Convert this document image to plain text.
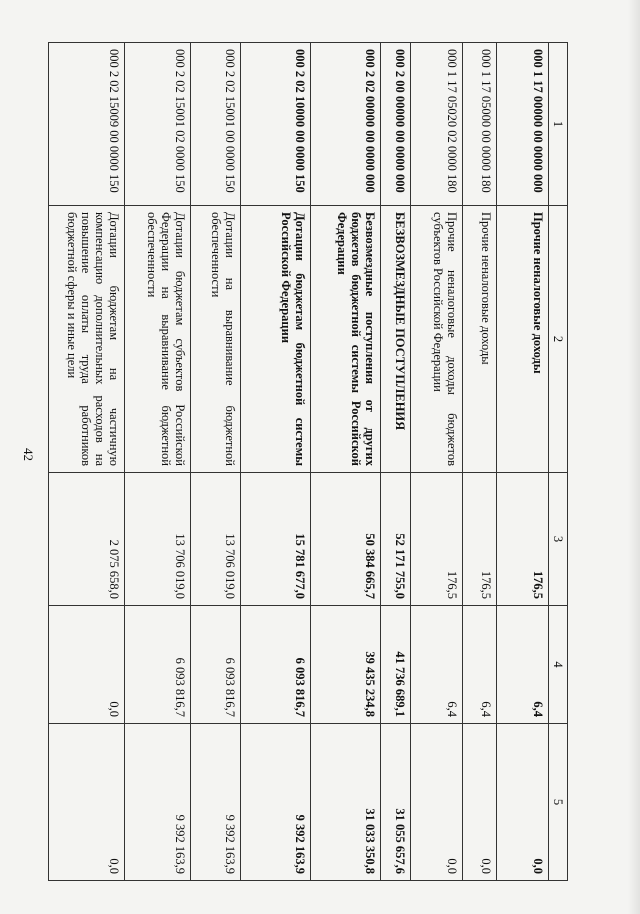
42
1	2	3	4	5
000 1 17 00000 00 0000 000	Прочие неналоговые доходы	176,5	6,4	0,0
000 1 17 05000 00 0000 180	Прочие неналоговые доходы	176,5	6,4	0,0
000 1 17 05020 02 0000 180	Прочие неналоговые доходы бюджетов субъектов Российской Федерации	176,5	6,4	0,0
000 2 00 00000 00 0000 000	БЕЗВОЗМЕЗДНЫЕ ПОСТУПЛЕНИЯ	52 171 755,0	41 736 689,1	31 055 657,6
000 2 02 00000 00 0000 000	Безвозмездные поступления от других бюджетов бюджетной системы Российской Федерации	50 384 665,7	39 435 234,8	31 033 350,8
000 2 02 10000 00 0000 150	Дотации бюджетам бюджетной системы Российской Федерации	15 781 677,0	6 093 816,7	9 392 163,9
000 2 02 15001 00 0000 150	Дотации на выравнивание бюджетной обеспеченности	13 706 019,0	6 093 816,7	9 392 163,9
000 2 02 15001 02 0000 150	Дотации бюджетам субъектов Российской Федерации на выравнивание бюджетной обеспеченности	13 706 019,0	6 093 816,7	9 392 163,9
000 2 02 15009 00 0000 150	Дотации бюджетам на частичную компенсацию дополнительных расходов на повышение оплаты труда работников бюджетной сферы и иные цели	2 075 658,0	0,0	0,0
